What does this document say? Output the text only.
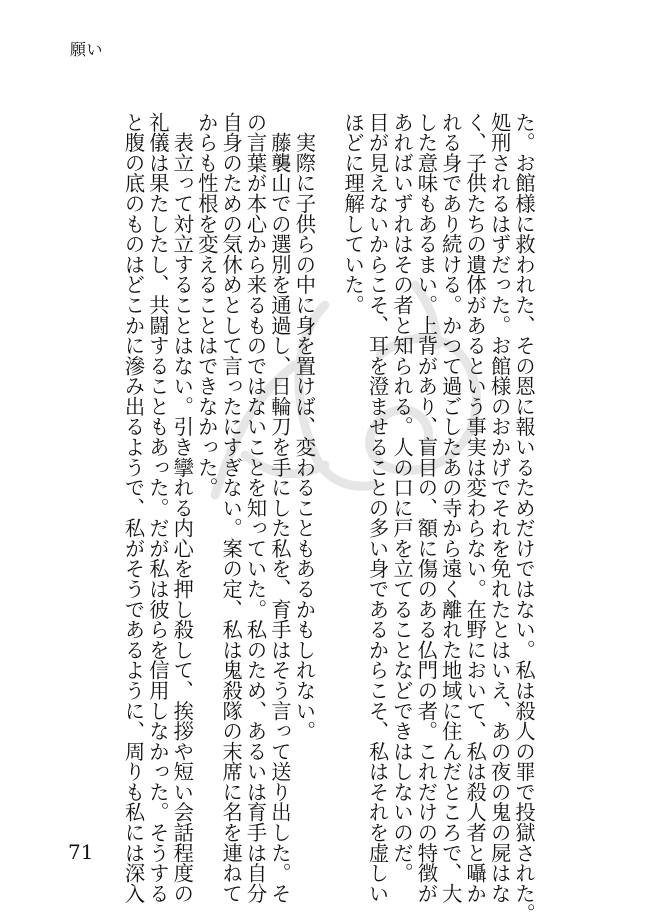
願い
た。お館様に救われた、その恩に報いるためだけではない。私は殺人の罪で投獄された。
処刑されるはずだった。お館様のおかげでそれを免れたとはいえ、あの夜の鬼の屍はな
く、子供たちの遺体があるという事実は変わらない。在野において、私は殺人者と囁か
れる身であり続ける。かつて過ごしたあの寺から遠く離れた地域に住んだところで、大
した意味もあるまい。上背があり、盲目の、額に傷のある仏門の者。これだけの特徴が
あればいずれはその者と知られる。人の口に戸を立てることなどできはしないのだ。
目が見えないからこそ、耳を澄ませることの多い身であるからこそ、私はそれを虚しい
ほどに理解していた。
　実際に子供らの中に身を置けば、変わることもあるかもしれない。
　藤襲山での選別を通過し、日輪刀を手にした私を、育手はそう言って送り出した。そ
の言葉が本心から来るものではないことを知っていた。私のため、あるいは育手は自分
自身のための気休めとして言ったにすぎない。案の定、私は鬼殺隊の末席に名を連ねて
からも性根を変えることはできなかった。
　表立って対立することはない。引き攣れる内心を押し殺して、挨拶や短い会話程度の
礼儀は果たしたし、共闘することもあった。だが私は彼らを信用しなかった。そうする
と腹の底のものはどこかに滲み出るようで、私がそうであるように、周りも私には深入
71
